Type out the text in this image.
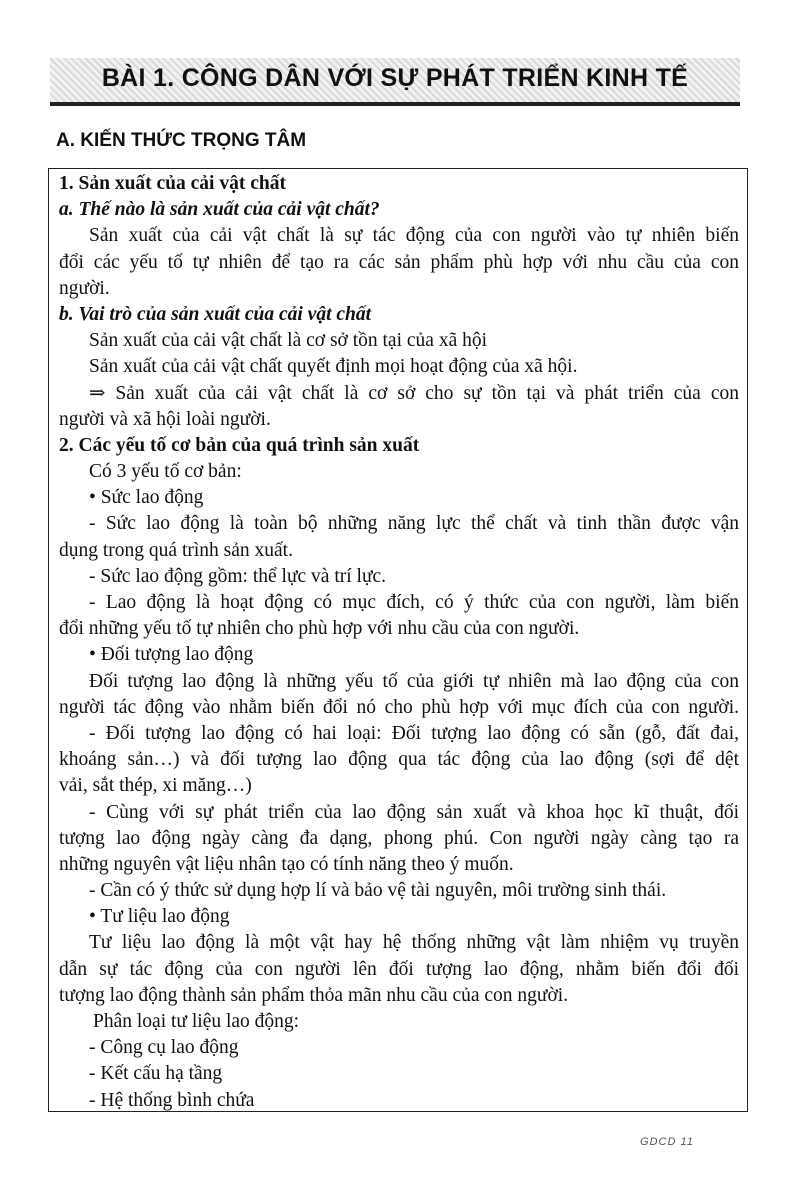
BÀI 1. CÔNG DÂN VỚI SỰ PHÁT TRIỂN KINH TẾ
A. KIẾN THỨC TRỌNG TÂM
1. Sản xuất của cải vật chất
a. Thế nào là sản xuất của cải vật chất?
Sản xuất của cải vật chất là sự tác động của con người vào tự nhiên biến
đổi các yếu tố tự nhiên để tạo ra các sản phẩm phù hợp với nhu cầu của con
người.
b. Vai trò của sản xuất của cải vật chất
Sản xuất của cải vật chất là cơ sở tồn tại của xã hội
Sản xuất của cải vật chất quyết định mọi hoạt động của xã hội.
⇒ Sản xuất của cải vật chất là cơ sở cho sự tồn tại và phát triển của con
người và xã hội loài người.
2. Các yếu tố cơ bản của quá trình sản xuất
Có 3 yếu tố cơ bản:
• Sức lao động
- Sức lao động là toàn bộ những năng lực thể chất và tinh thần được vận
dụng trong quá trình sản xuất.
- Sức lao động gồm: thể lực và trí lực.
- Lao động là hoạt động có mục đích, có ý thức của con người, làm biến
đổi những yếu tố tự nhiên cho phù hợp với nhu cầu của con người.
• Đối tượng lao động
Đối tượng lao động là những yếu tố của giới tự nhiên mà lao động của con
người tác động vào nhằm biến đổi nó cho phù hợp với mục đích của con người.
- Đối tượng lao động có hai loại: Đối tượng lao động có sẵn (gỗ, đất đai,
khoáng sản…) và đối tượng lao động qua tác động của lao động (sợi để dệt
vải, sắt thép, xi măng…)
- Cùng với sự phát triển của lao động sản xuất và khoa học kĩ thuật, đối
tượng lao động ngày càng đa dạng, phong phú. Con người ngày càng tạo ra
những nguyên vật liệu nhân tạo có tính năng theo ý muốn.
- Cần có ý thức sử dụng hợp lí và bảo vệ tài nguyên, môi trường sinh thái.
• Tư liệu lao động
Tư liệu lao động là một vật hay hệ thống những vật làm nhiệm vụ truyền
dẫn sự tác động của con người lên đối tượng lao động, nhằm biến đổi đối
tượng lao động thành sản phẩm thỏa mãn nhu cầu của con người.
Phân loại tư liệu lao động:
- Công cụ lao động
- Kết cấu hạ tầng
- Hệ thống bình chứa
GDCD 11
